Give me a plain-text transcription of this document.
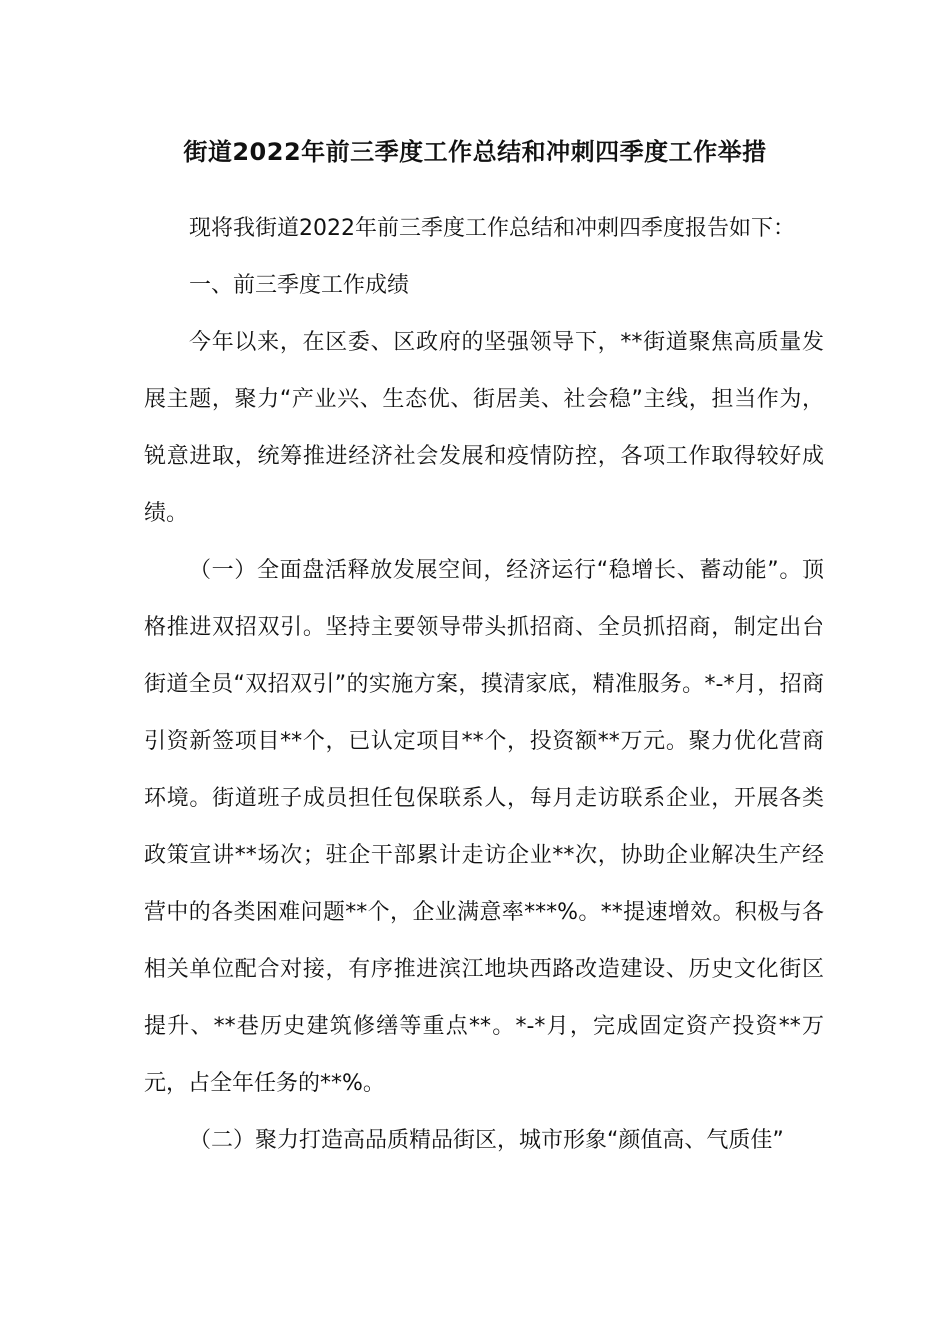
街道2022年前三季度工作总结和冲刺四季度工作举措

现将我街道2022年前三季度工作总结和冲刺四季度报告如下：

一、前三季度工作成绩

今年以来，在区委、区政府的坚强领导下，**街道聚焦高质量发展主题，聚力“产业兴、生态优、街居美、社会稳”主线，担当作为，锐意进取，统筹推进经济社会发展和疫情防控，各项工作取得较好成绩。

（一）全面盘活释放发展空间，经济运行“稳增长、蓄动能”。顶格推进双招双引。坚持主要领导带头抓招商、全员抓招商，制定出台街道全员“双招双引”的实施方案，摸清家底，精准服务。*-*月，招商引资新签项目**个，已认定项目**个，投资额**万元。聚力优化营商环境。街道班子成员担任包保联系人，每月走访联系企业，开展各类政策宣讲**场次；驻企干部累计走访企业**次，协助企业解决生产经营中的各类困难问题**个，企业满意率***%。**提速增效。积极与各相关单位配合对接，有序推进滨江地块西路改造建设、历史文化街区提升、**巷历史建筑修缮等重点**。*-*月，完成固定资产投资**万元，占全年任务的**%。

（二）聚力打造高品质精品街区，城市形象“颜值高、气质佳”
